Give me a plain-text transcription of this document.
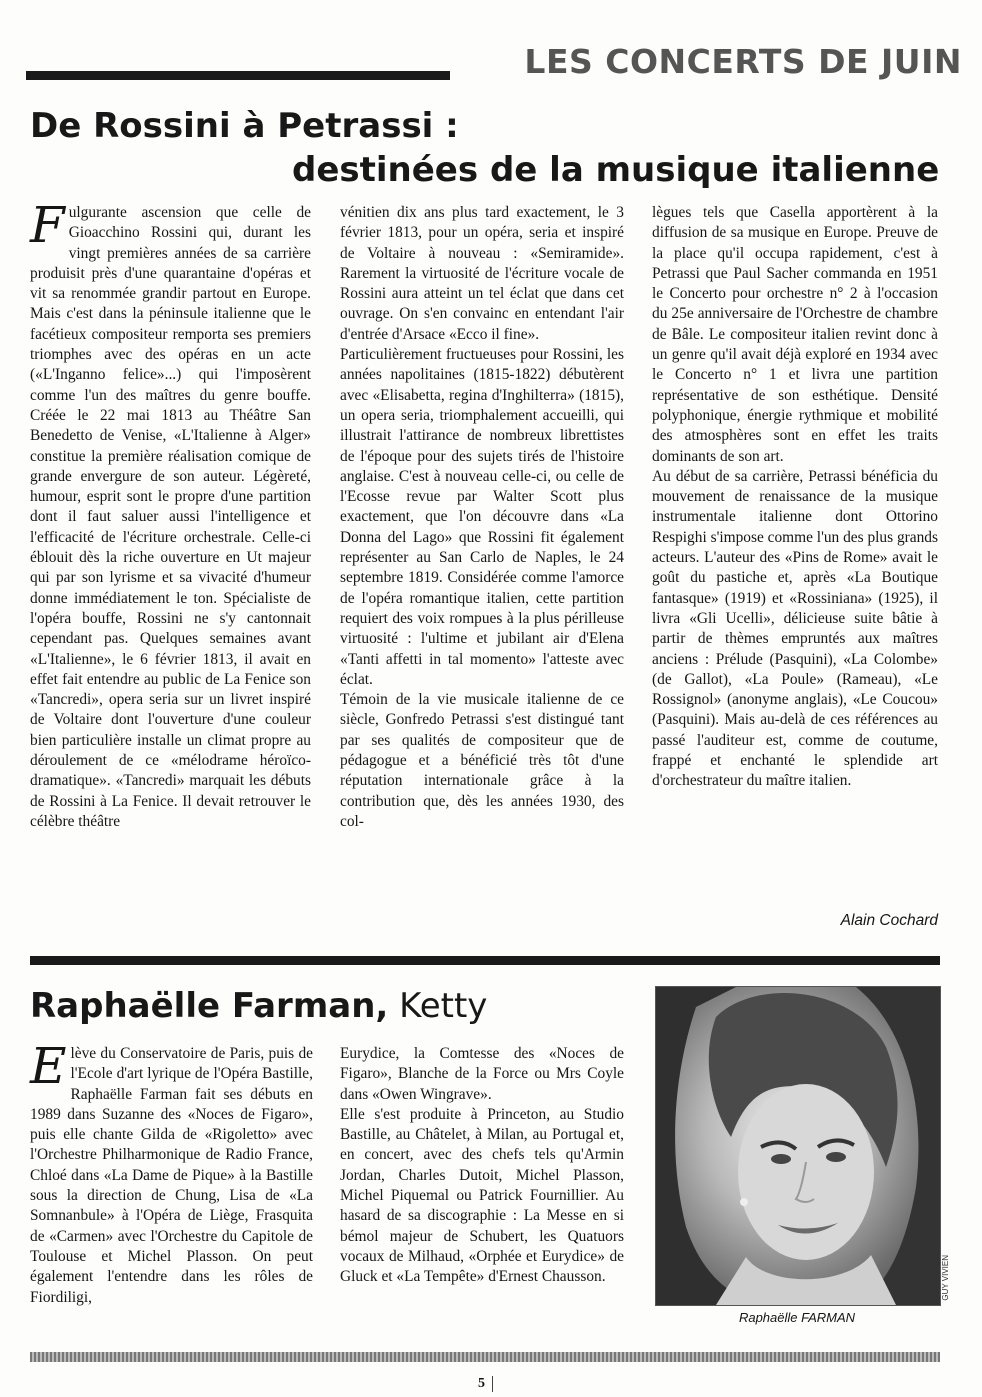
LES CONCERTS DE JUIN
De Rossini à Petrassi :
destinées de la musique italienne

Fulgurante ascension que celle de Gioacchino Rossini qui, durant les vingt premières années de sa carrière produisit près d'une quarantaine d'opéras et vit sa renommée grandir partout en Europe. Mais c'est dans la péninsule italienne que le facétieux compositeur remporta ses premiers triomphes avec des opéras en un acte («L'Inganno felice»...) qui l'imposèrent comme l'un des maîtres du genre bouffe. Créée le 22 mai 1813 au Théâtre San Benedetto de Venise, «L'Italienne à Alger» constitue la première réalisation comique de grande envergure de son auteur. Légèreté, humour, esprit sont le propre d'une partition dont il faut saluer aussi l'intelligence et l'efficacité de l'écriture orchestrale. Celle-ci éblouit dès la riche ouverture en Ut majeur qui par son lyrisme et sa vivacité d'humeur donne immédiatement le ton. Spécialiste de l'opéra bouffe, Rossini ne s'y cantonnait cependant pas. Quelques semaines avant «L'Italienne», le 6 février 1813, il avait en effet fait entendre au public de La Fenice son «Tancredi», opera seria sur un livret inspiré de Voltaire dont l'ouverture d'une couleur bien particulière installe un climat propre au déroulement de ce «mélodrame héroïco-dramatique». «Tancredi» marquait les débuts de Rossini à La Fenice. Il devait retrouver le célèbre théâtre

vénitien dix ans plus tard exactement, le 3 février 1813, pour un opéra, seria et inspiré de Voltaire à nouveau : «Semiramide». Rarement la virtuosité de l'écriture vocale de Rossini aura atteint un tel éclat que dans cet ouvrage. On s'en convainc en entendant l'air d'entrée d'Arsace «Ecco il fine».

Particulièrement fructueuses pour Rossini, les années napolitaines (1815-1822) débutèrent avec «Elisabetta, regina d'Inghilterra» (1815), un opera seria, triomphalement accueilli, qui illustrait l'attirance de nombreux librettistes de l'époque pour des sujets tirés de l'histoire anglaise. C'est à nouveau celle-ci, ou celle de l'Ecosse revue par Walter Scott plus exactement, que l'on découvre dans «La Donna del Lago» que Rossini fit également représenter au San Carlo de Naples, le 24 septembre 1819. Considérée comme l'amorce de l'opéra romantique italien, cette partition requiert des voix rompues à la plus périlleuse virtuosité : l'ultime et jubilant air d'Elena «Tanti affetti in tal momento» l'atteste avec éclat.

Témoin de la vie musicale italienne de ce siècle, Gonfredo Petrassi s'est distingué tant par ses qualités de compositeur que de pédagogue et a bénéficié très tôt d'une réputation internationale grâce à la contribution que, dès les années 1930, des col-

lègues tels que Casella apportèrent à la diffusion de sa musique en Europe. Preuve de la place qu'il occupa rapidement, c'est à Petrassi que Paul Sacher commanda en 1951 le Concerto pour orchestre n° 2 à l'occasion du 25e anniversaire de l'Orchestre de chambre de Bâle. Le compositeur italien revint donc à un genre qu'il avait déjà exploré en 1934 avec le Concerto n° 1 et livra une partition représentative de son esthétique. Densité polyphonique, énergie rythmique et mobilité des atmosphères sont en effet les traits dominants de son art.

Au début de sa carrière, Petrassi bénéficia du mouvement de renaissance de la musique instrumentale italienne dont Ottorino Respighi s'impose comme l'un des plus grands acteurs. L'auteur des «Pins de Rome» avait le goût du pastiche et, après «La Boutique fantasque» (1919) et «Rossiniana» (1925), il livra «Gli Ucelli», délicieuse suite bâtie à partir de thèmes empruntés aux maîtres anciens : Prélude (Pasquini), «La Colombe» (de Gallot), «La Poule» (Rameau), «Le Rossignol» (anonyme anglais), «Le Coucou» (Pasquini). Mais au-delà de ces références au passé l'auditeur est, comme de coutume, frappé et enchanté le splendide art d'orchestrateur du maître italien.

Alain Cochard
Raphaëlle Farman, Ketty

Elève du Conservatoire de Paris, puis de l'Ecole d'art lyrique de l'Opéra Bastille, Raphaëlle Farman fait ses débuts en 1989 dans Suzanne des «Noces de Figaro», puis elle chante Gilda de «Rigoletto» avec l'Orchestre Philharmonique de Radio France, Chloé dans «La Dame de Pique» à la Bastille sous la direction de Chung, Lisa de «La Somnanbule» à l'Opéra de Liège, Frasquita de «Carmen» avec l'Orchestre du Capitole de Toulouse et Michel Plasson. On peut également l'entendre dans les rôles de Fiordiligi,

Eurydice, la Comtesse des «Noces de Figaro», Blanche de la Force ou Mrs Coyle dans «Owen Wingrave».

Elle s'est produite à Princeton, au Studio Bastille, au Châtelet, à Milan, au Portugal et, en concert, avec des chefs tels qu'Armin Jordan, Charles Dutoit, Michel Plasson, Michel Piquemal ou Patrick Fournillier. Au hasard de sa discographie : La Messe en si bémol majeur de Schubert, les Quatuors vocaux de Milhaud, «Orphée et Eurydice» de Gluck et «La Tempête» d'Ernest Chausson.	GUY VIVIEN
Raphaëlle FARMAN
5
